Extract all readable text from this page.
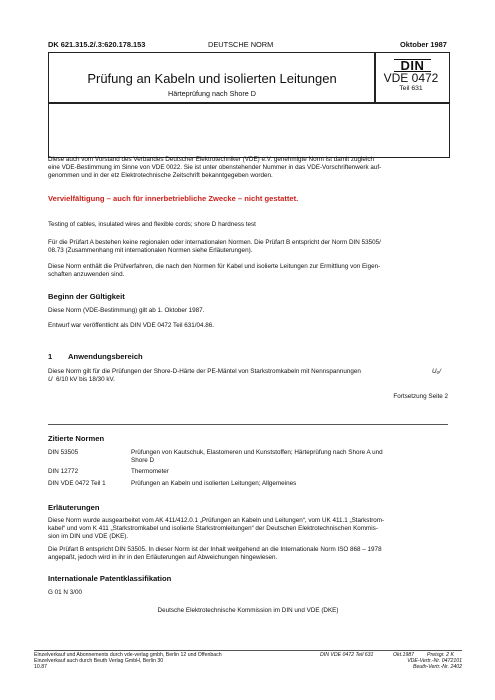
DK 621.315.2/.3:620.178.153	DEUTSCHE NORM	Oktober 1987
Prüfung an Kabeln und isolierten Leitungen
Härteprüfung nach Shore D
DIN
VDE 0472
Teil 631
Diese auch vom Vorstand des Verbandes Deutscher Elektrotechniker (VDE) e.V. genehmigte Norm ist damit zugleich
eine VDE-Bestimmung im Sinne von VDE 0022. Sie ist unter obenstehender Nummer in das VDE-Vorschriftenwerk auf-
genommen und in der etz Elektrotechnische Zeitschrift bekanntgegeben worden.
Vervielfältigung – auch für innerbetriebliche Zwecke – nicht gestattet.
Testing of cables, insulated wires and flexible cords; shore D hardness test
Für die Prüfart A bestehen keine regionalen oder internationalen Normen. Die Prüfart B entspricht der Norm DIN 53505/
08.73 (Zusammenhang mit internationalen Normen siehe Erläuterungen).
Diese Norm enthält die Prüfverfahren, die nach den Normen für Kabel und isolierte Leitungen zur Ermittlung von Eigen-
schaften anzuwenden sind.
Beginn der Gültigkeit
Diese Norm (VDE-Bestimmung) gilt ab 1. Oktober 1987.
Entwurf war veröffentlicht als DIN VDE 0472 Teil 631/04.86.
1 Anwendungsbereich
Diese Norm gilt für die Prüfungen der Shore-D-Härte der PE-Mäntel von Starkstromkabeln mit Nennspannungen	U₀/
U 6/10 kV bis 18/30 kV.
Fortsetzung Seite 2
Zitierte Normen
DIN 53505	Prüfungen von Kautschuk, Elastomeren und Kunststoffen; Härteprüfung nach Shore A und
Shore D
DIN 12772	Thermometer
DIN VDE 0472 Teil 1	Prüfungen an Kabeln und isolierten Leitungen; Allgemeines
Erläuterungen
Diese Norm wurde ausgearbeitet vom AK 411/412.0.1 „Prüfungen an Kabeln und Leitungen“, vom UK 411.1 „Starkstrom-
kabel“ und vom K 411 „Starkstromkabel und isolierte Starkstromleitungen“ der Deutschen Elektrotechnischen Kommis-
sion im DIN und VDE (DKE).
Die Prüfart B entspricht DIN 53505. In dieser Norm ist der Inhalt weitgehend an die Internationale Norm ISO 868 – 1978
angepaßt, jedoch wird in ihr in den Erläuterungen auf Abweichungen hingewiesen.
Internationale Patentklassifikation
G 01 N 3/00
Deutsche Elektrotechnische Kommission im DIN und VDE (DKE)
Einzelverkauf und Abonnements durch vde-verlag gmbh, Berlin 12 und Offenbach
Einzelverkauf auch durch Beuth Verlag GmbH, Berlin 30
10.87
DIN VDE 0472 Teil 631	Okt.1987 Preisgr. 2 K
VDE-Vertr.-Nr. 0472101
Beuth-Vertr.-Nr. 2402
